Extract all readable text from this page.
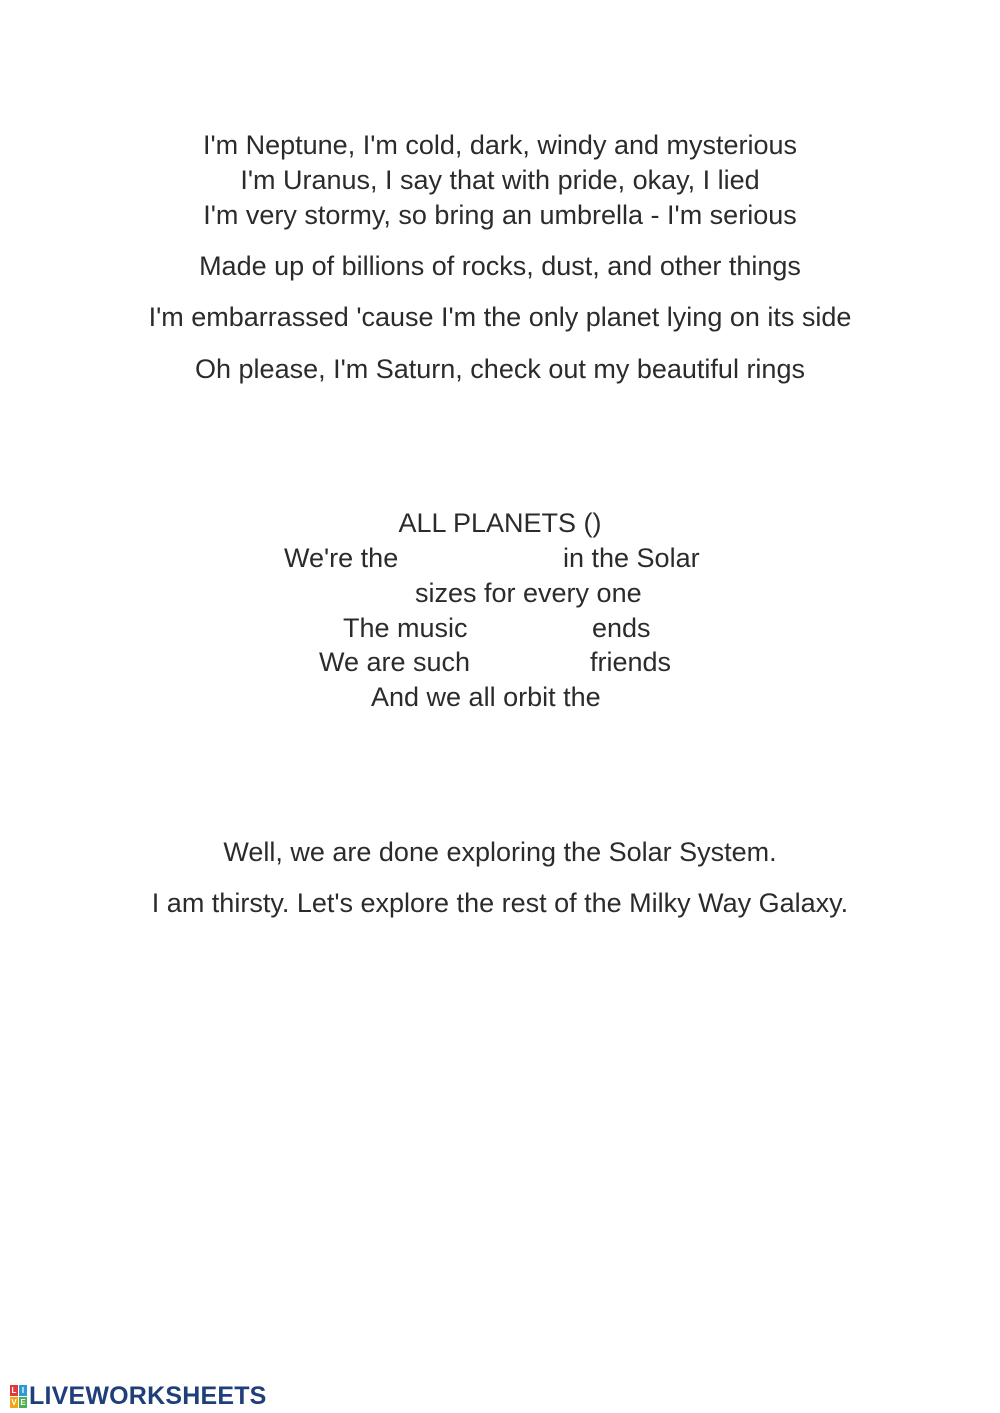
I'm Neptune, I'm cold, dark, windy and mysterious
I'm Uranus, I say that with pride, okay, I lied
I'm very stormy, so bring an umbrella - I'm serious
Made up of billions of rocks, dust, and other things
I'm embarrassed 'cause I'm the only planet lying on its side
Oh please, I'm Saturn, check out my beautiful rings
ALL PLANETS ()
We're the	in the Solar
sizes for every one
The music	ends
We are such	friends
And we all orbit the
Well, we are done exploring the Solar System.
I am thirsty. Let's explore the rest of the Milky Way Galaxy.
L I
V E LIVEWORKSHEETS
